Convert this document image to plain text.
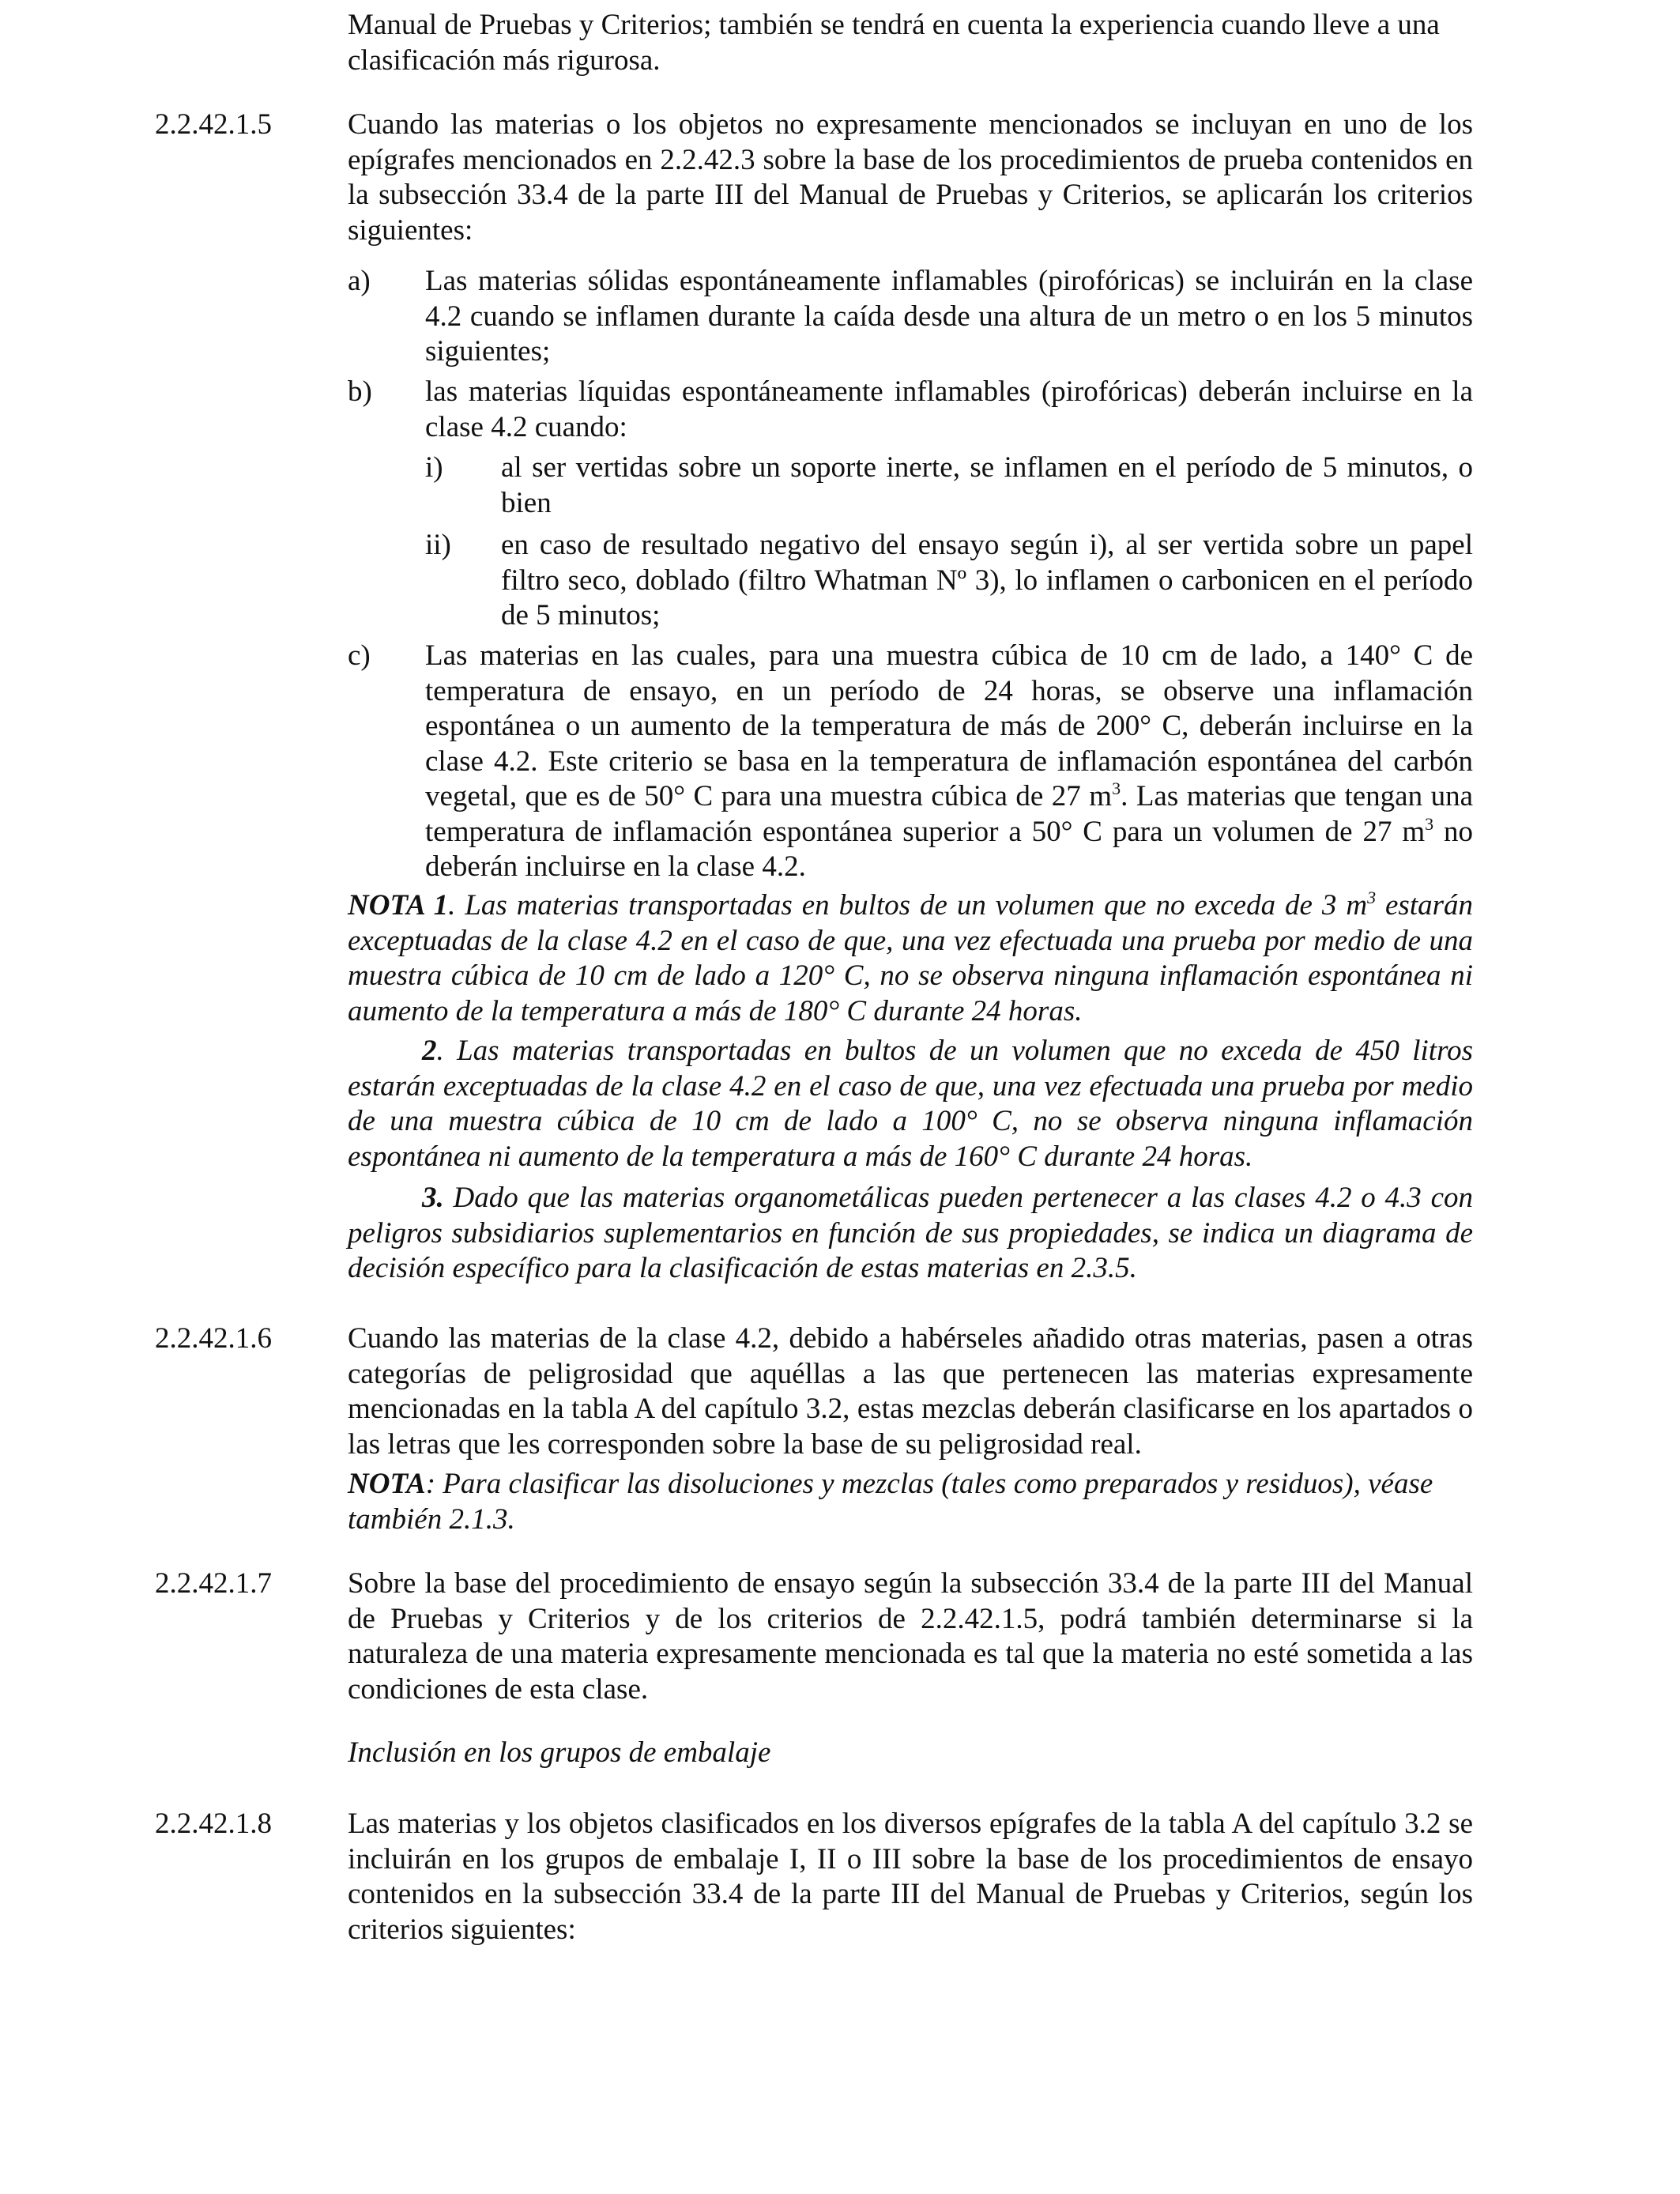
Manual de Pruebas y Criterios; también se tendrá en cuenta la experiencia cuando lleve a una
clasificación más rigurosa.

2.2.42.1.5	Cuando las materias o los objetos no expresamente mencionados se incluyan en uno de los epígrafes mencionados en 2.2.42.3 sobre la base de los procedimientos de prueba contenidos en la subsección 33.4 de la parte III del Manual de Pruebas y Criterios, se aplicarán los criterios siguientes:

a)	Las materias sólidas espontáneamente inflamables (pirofóricas) se incluirán en la clase 4.2 cuando se inflamen durante la caída desde una altura de un metro o en los 5 minutos siguientes;

b)	las materias líquidas espontáneamente inflamables (pirofóricas) deberán incluirse en la clase 4.2 cuando:

i)	al ser vertidas sobre un soporte inerte, se inflamen en el período de 5 minutos, o bien

ii)	en caso de resultado negativo del ensayo según i), al ser vertida sobre un papel filtro seco, doblado (filtro Whatman Nº 3), lo inflamen o carbonicen en el período de 5 minutos;

c)	Las materias en las cuales, para una muestra cúbica de 10 cm de lado, a 140° C de temperatura de ensayo, en un período de 24 horas, se observe una inflamación espontánea o un aumento de la temperatura de más de 200° C, deberán incluirse en la clase 4.2. Este criterio se basa en la temperatura de inflamación espontánea del carbón vegetal, que es de 50° C para una muestra cúbica de 27 $m^3$. Las materias que tengan una temperatura de inflamación espontánea superior a 50° C para un volumen de 27 $m^3$ no deberán incluirse en la clase 4.2.

NOTA 1. Las materias transportadas en bultos de un volumen que no exceda de 3 $m^3$ estarán exceptuadas de la clase 4.2 en el caso de que, una vez efectuada una prueba por medio de una muestra cúbica de 10 cm de lado a 120° C, no se observa ninguna inflamación espontánea ni aumento de la temperatura a más de 180° C durante 24 horas.

2. Las materias transportadas en bultos de un volumen que no exceda de 450 litros estarán exceptuadas de la clase 4.2 en el caso de que, una vez efectuada una prueba por medio de una muestra cúbica de 10 cm de lado a 100° C, no se observa ninguna inflamación espontánea ni aumento de la temperatura a más de 160° C durante 24 horas.

3. Dado que las materias organometálicas pueden pertenecer a las clases 4.2 o 4.3 con peligros subsidiarios suplementarios en función de sus propiedades, se indica un diagrama de decisión específico para la clasificación de estas materias en 2.3.5.

2.2.42.1.6	Cuando las materias de la clase 4.2, debido a habérseles añadido otras materias, pasen a otras categorías de peligrosidad que aquéllas a las que pertenecen las materias expresamente mencionadas en la tabla A del capítulo 3.2, estas mezclas deberán clasificarse en los apartados o las letras que les corresponden sobre la base de su peligrosidad real.

NOTA: Para clasificar las disoluciones y mezclas (tales como preparados y residuos), véase
también 2.1.3.

2.2.42.1.7	Sobre la base del procedimiento de ensayo según la subsección 33.4 de la parte III del Manual de Pruebas y Criterios y de los criterios de 2.2.42.1.5, podrá también determinarse si la naturaleza de una materia expresamente mencionada es tal que la materia no esté sometida a las condiciones de esta clase.

Inclusión en los grupos de embalaje

2.2.42.1.8	Las materias y los objetos clasificados en los diversos epígrafes de la tabla A del capítulo 3.2 se incluirán en los grupos de embalaje I, II o III sobre la base de los procedimientos de ensayo contenidos en la subsección 33.4 de la parte III del Manual de Pruebas y Criterios, según los criterios siguientes:
